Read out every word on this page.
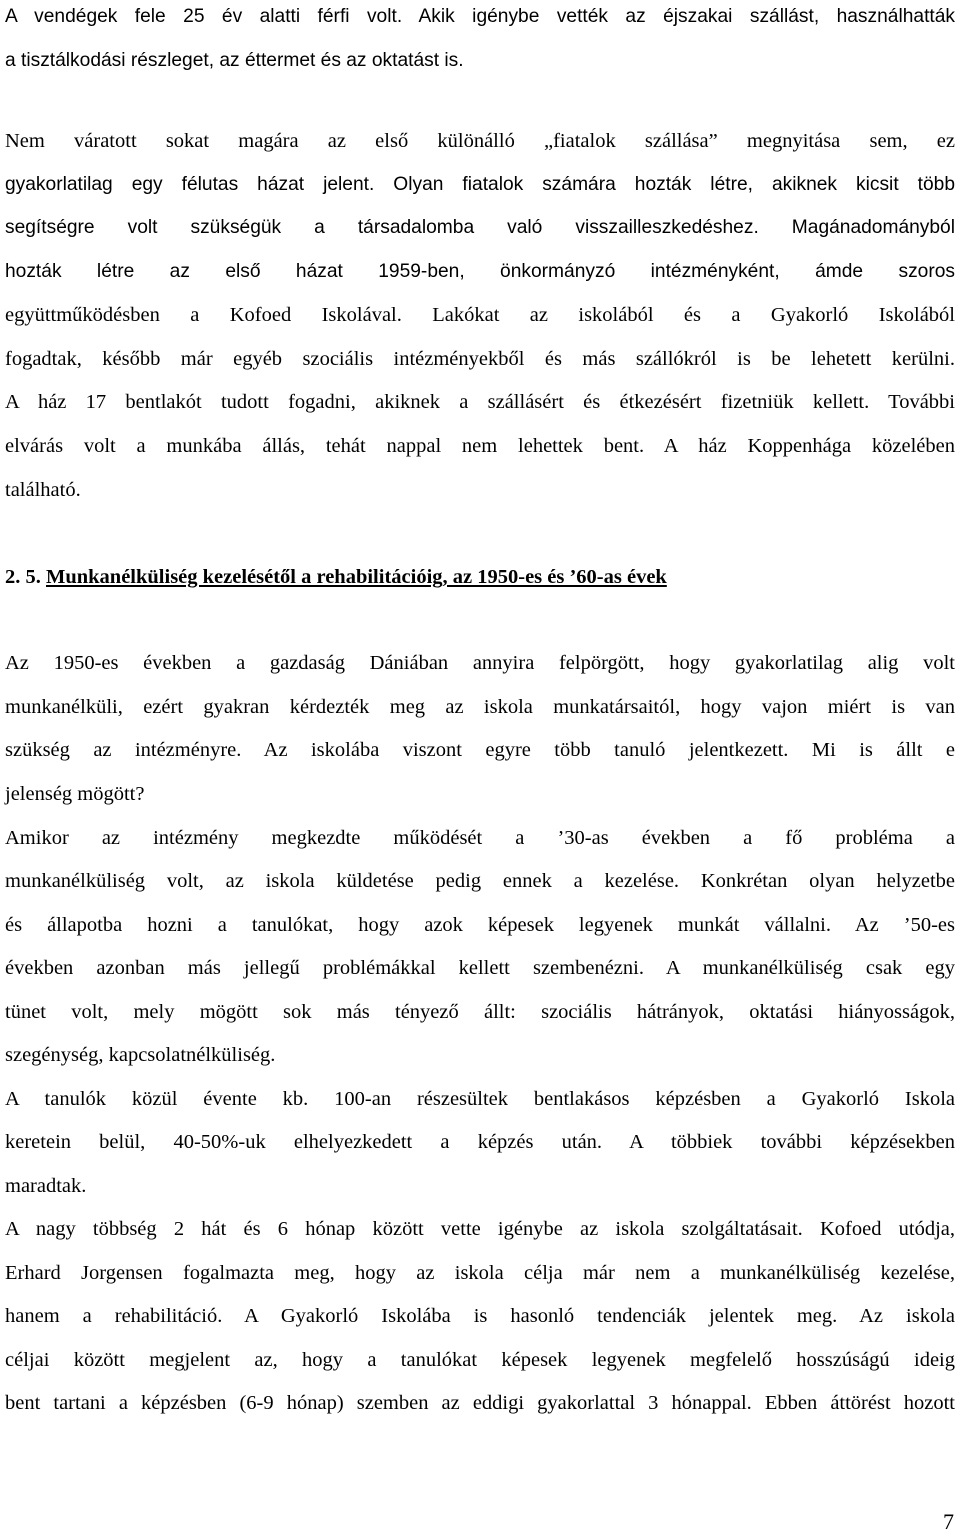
A vendégek fele 25 év alatti férfi volt. Akik igénybe vették az éjszakai szállást, használhatták
a tisztálkodási részleget, az éttermet és az oktatást is.
Nem váratott sokat magára az első különálló „fiatalok szállása” megnyitása sem, ez
gyakorlatilag egy félutas házat jelent. Olyan fiatalok számára hozták létre, akiknek kicsit több
segítségre volt szükségük a társadalomba való visszailleszkedéshez. Magánadományból
hozták létre az első házat 1959-ben, önkormányzó intézményként, ámde szoros
együttműködésben a Kofoed Iskolával. Lakókat az iskolából és a Gyakorló Iskolából
fogadtak, később már egyéb szociális intézményekből és más szállókról is be lehetett kerülni.
A ház 17 bentlakót tudott fogadni, akiknek a szállásért és étkezésért fizetniük kellett. További
elvárás volt a munkába állás, tehát nappal nem lehettek bent. A ház Koppenhága közelében
található.
2. 5. Munkanélküliség kezelésétől a rehabilitációig, az 1950-es és ’60-as évek
Az 1950-es években a gazdaság Dániában annyira felpörgött, hogy gyakorlatilag alig volt
munkanélküli, ezért gyakran kérdezték meg az iskola munkatársaitól, hogy vajon miért is van
szükség az intézményre. Az iskolába viszont egyre több tanuló jelentkezett. Mi is állt e
jelenség mögött?
Amikor az intézmény megkezdte működését a ’30-as években a fő probléma a
munkanélküliség volt, az iskola küldetése pedig ennek a kezelése. Konkrétan olyan helyzetbe
és állapotba hozni a tanulókat, hogy azok képesek legyenek munkát vállalni. Az ’50-es
években azonban más jellegű problémákkal kellett szembenézni. A munkanélküliség csak egy
tünet volt, mely mögött sok más tényező állt: szociális hátrányok, oktatási hiányosságok,
szegénység, kapcsolatnélküliség.
A tanulók közül évente kb. 100-an részesültek bentlakásos képzésben a Gyakorló Iskola
keretein belül, 40-50%-uk elhelyezkedett a képzés után. A többiek további képzésekben
maradtak.
A nagy többség 2 hát és 6 hónap között vette igénybe az iskola szolgáltatásait. Kofoed utódja,
Erhard Jorgensen fogalmazta meg, hogy az iskola célja már nem a munkanélküliség kezelése,
hanem a rehabilitáció. A Gyakorló Iskolába is hasonló tendenciák jelentek meg. Az iskola
céljai között megjelent az, hogy a tanulókat képesek legyenek megfelelő hosszúságú ideig
bent tartani a képzésben (6-9 hónap) szemben az eddigi gyakorlattal 3 hónappal. Ebben áttörést hozott
7
